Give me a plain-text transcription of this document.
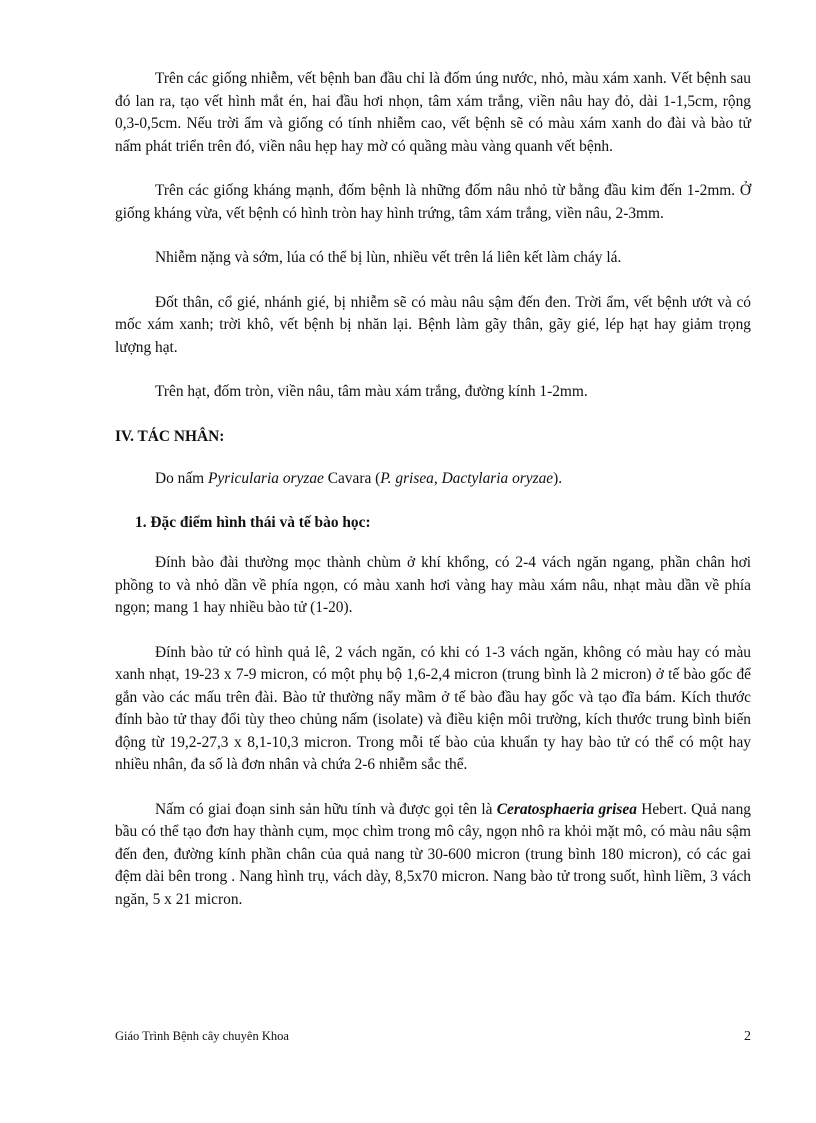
Trên các giống nhiễm, vết bệnh ban đầu chỉ là đốm úng nước, nhỏ, màu xám xanh. Vết bệnh sau đó lan ra, tạo vết hình mắt én, hai đầu hơi nhọn, tâm xám trắng, viền nâu hay đỏ, dài 1-1,5cm, rộng 0,3-0,5cm. Nếu trời ẩm và giống có tính nhiễm cao, vết bệnh sẽ có màu xám xanh do đài và bào tử nấm phát triển trên đó, viền nâu hẹp hay mờ có quầng màu vàng quanh vết bệnh.

Trên các giống kháng mạnh, đốm bệnh là những đốm nâu nhỏ từ bằng đầu kim đến 1-2mm. Ở giống kháng vừa, vết bệnh có hình tròn hay hình trứng, tâm xám trắng, viền nâu, 2-3mm.

Nhiễm nặng và sớm, lúa có thể bị lùn, nhiều vết trên lá liên kết làm cháy lá.

Đốt thân, cổ gié, nhánh gié, bị nhiễm sẽ có màu nâu sậm đến đen. Trời ẩm, vết bệnh ướt và có mốc xám xanh; trời khô, vết bệnh bị nhăn lại. Bệnh làm gãy thân, gãy gié, lép hạt hay giảm trọng lượng hạt.

Trên hạt, đốm tròn, viền nâu, tâm màu xám trắng, đường kính 1-2mm.

IV. TÁC NHÂN:

Do nấm Pyricularia oryzae Cavara (P. grisea, Dactylaria oryzae).

1. Đặc điểm hình thái và tế bào học:

Đính bào đài thường mọc thành chùm ở khí khổng, có 2-4 vách ngăn ngang, phần chân hơi phồng to và nhỏ dần về phía ngọn, có màu xanh hơi vàng hay màu xám nâu, nhạt màu dần về phía ngọn; mang 1 hay nhiều bào tử (1-20).

Đính bào tử có hình quả lê, 2 vách ngăn, có khi có 1-3 vách ngăn, không có màu hay có màu xanh nhạt, 19-23 x 7-9 micron, có một phụ bộ 1,6-2,4 micron (trung bình là 2 micron) ở tế bào gốc để gắn vào các mấu trên đài. Bào tử thường nẩy mầm ở tế bào đầu hay gốc và tạo đĩa bám. Kích thước đính bào tử thay đổi tùy theo chủng nấm (isolate) và điều kiện môi trường, kích thước trung bình biến động từ 19,2-27,3 x 8,1-10,3 micron. Trong mỗi tế bào của khuẩn ty hay bào tử có thể có một hay nhiều nhân, đa số là đơn nhân và chứa 2-6 nhiễm sắc thể.

Nấm có giai đoạn sinh sản hữu tính và được gọi tên là Ceratosphaeria grisea Hebert. Quả nang bầu có thể tạo đơn hay thành cụm, mọc chìm trong mô cây, ngọn nhô ra khỏi mặt mô, có màu nâu sậm đến đen, đường kính phần chân của quả nang từ 30-600 micron (trung bình 180 micron), có các gai đệm dài bên trong . Nang hình trụ, vách dày, 8,5x70 micron. Nang bào tử trong suốt, hình liềm, 3 vách ngăn, 5 x 21 micron.

Giáo Trình Bệnh cây chuyên Khoa	2
